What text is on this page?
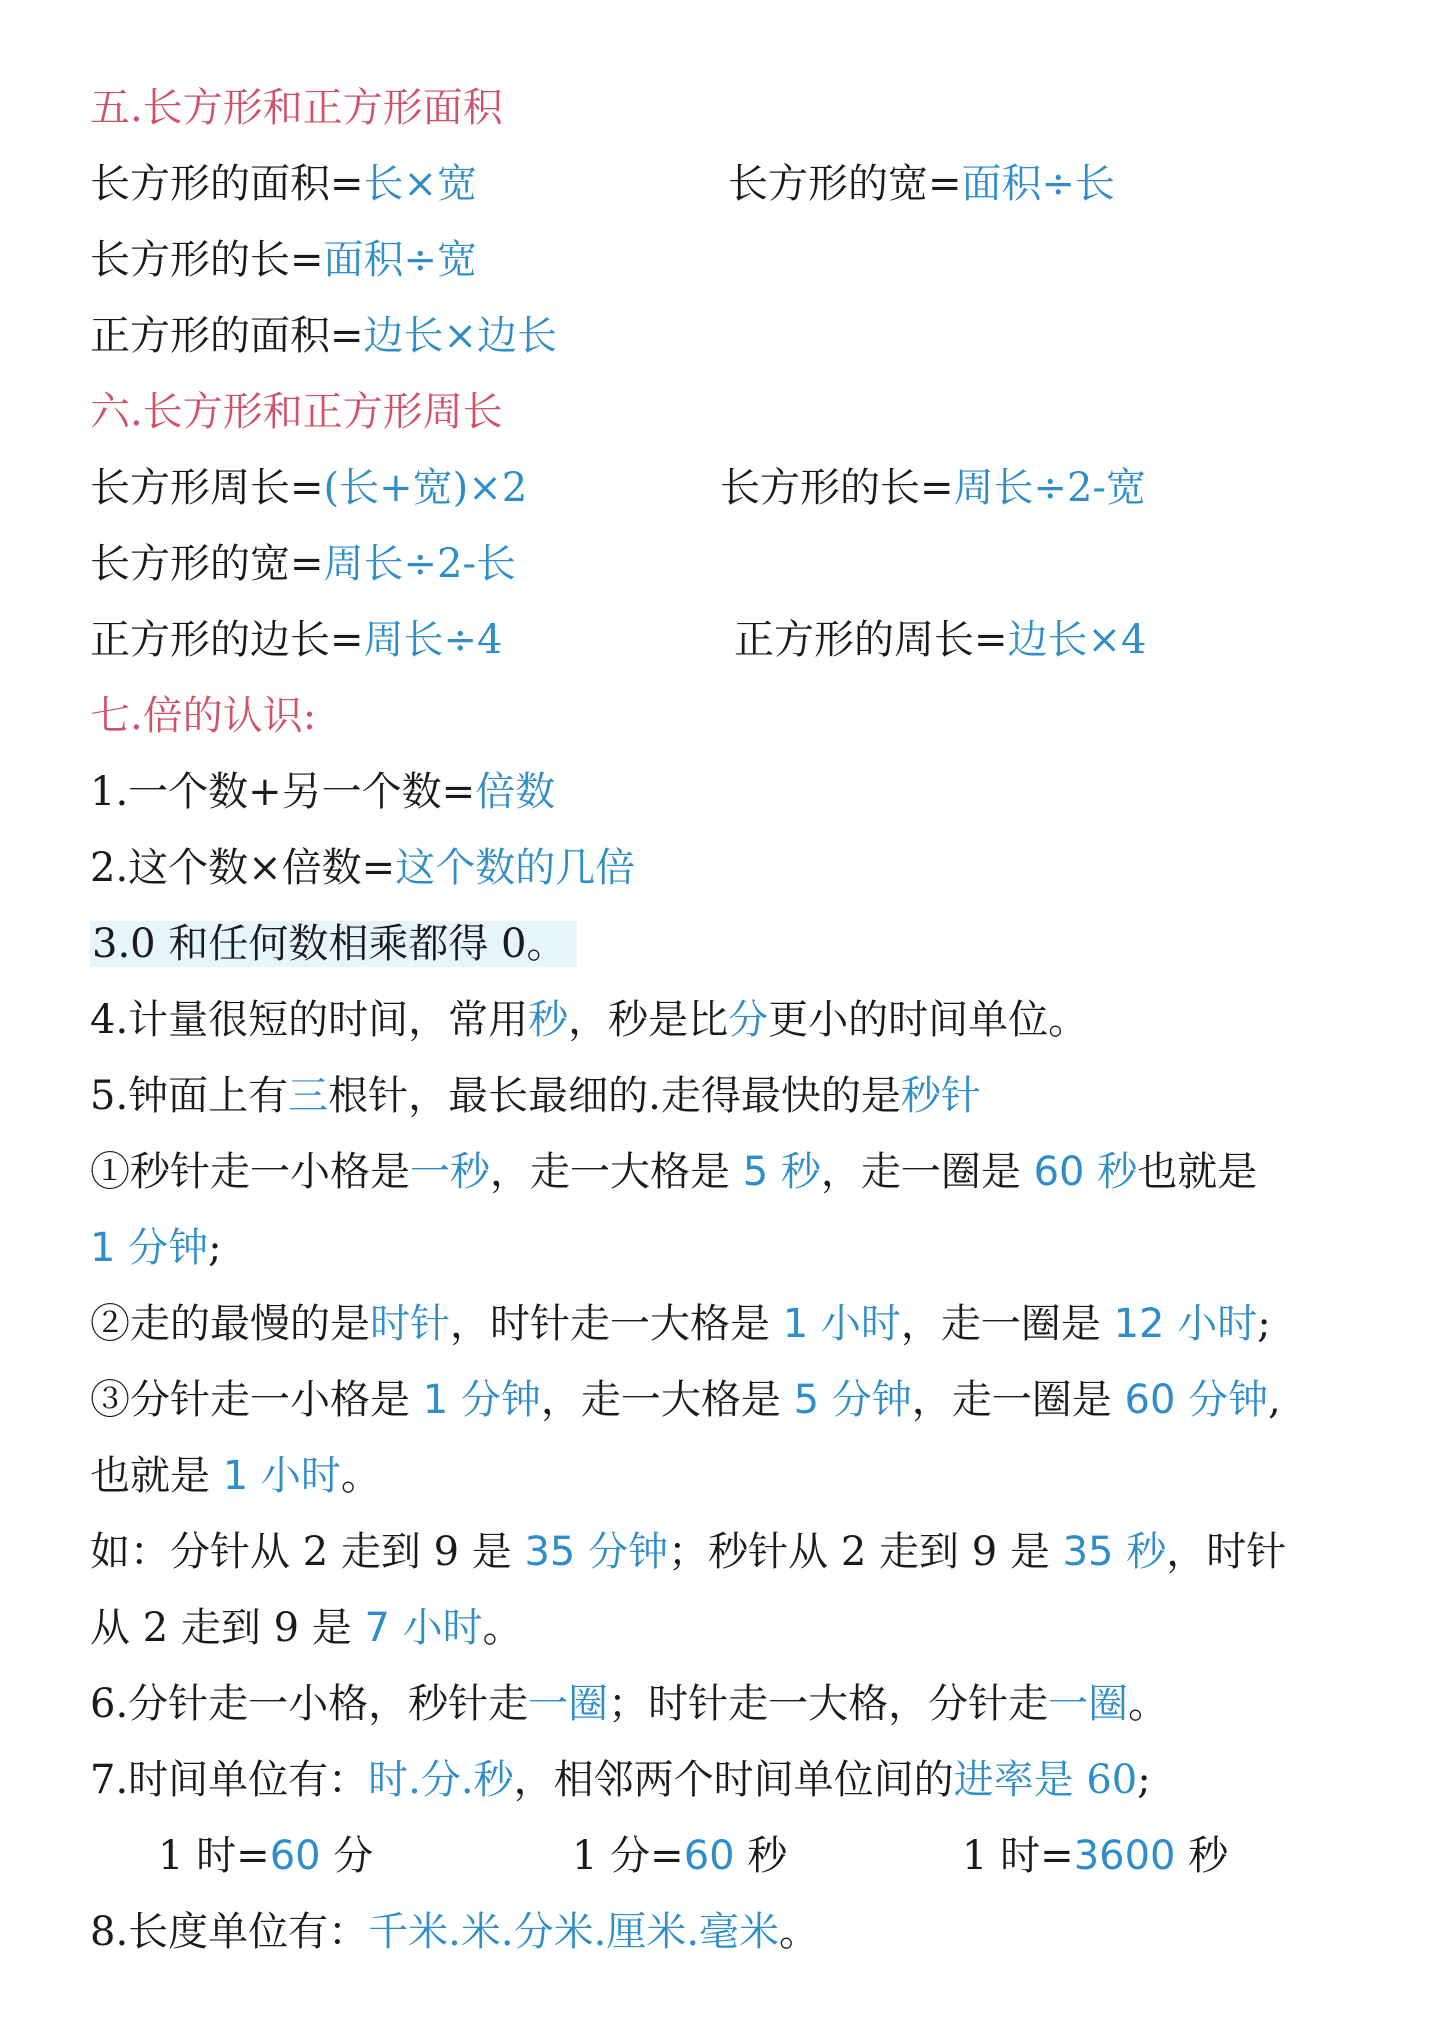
五.长方形和正方形面积
长方形的面积=长×宽	长方形的宽=面积÷长
长方形的长=面积÷宽
正方形的面积=边长×边长
六.长方形和正方形周长
长方形周长=(长+宽)×2	长方形的长=周长÷2-宽
长方形的宽=周长÷2-长
正方形的边长=周长÷4	正方形的周长=边长×4
七.倍的认识:
1.一个数+另一个数=倍数
2.这个数×倍数=这个数的几倍
3.0 和任何数相乘都得 0。
4.计量很短的时间，常用秒，秒是比分更小的时间单位。
5.钟面上有三根针，最长最细的.走得最快的是秒针
①秒针走一小格是一秒，走一大格是 5 秒，走一圈是 60 秒也就是
1 分钟;
②走的最慢的是时针，时针走一大格是 1 小时，走一圈是 12 小时;
③分针走一小格是 1 分钟，走一大格是 5 分钟，走一圈是 60 分钟,
也就是 1 小时。
如：分针从 2 走到 9 是 35 分钟；秒针从 2 走到 9 是 35 秒，时针
从 2 走到 9 是 7 小时。
6.分针走一小格，秒针走一圈；时针走一大格，分针走一圈。
7.时间单位有：时.分.秒，相邻两个时间单位间的进率是 60;
1 时=60 分	1 分=60 秒	1 时=3600 秒
8.长度单位有：千米.米.分米.厘米.毫米。
